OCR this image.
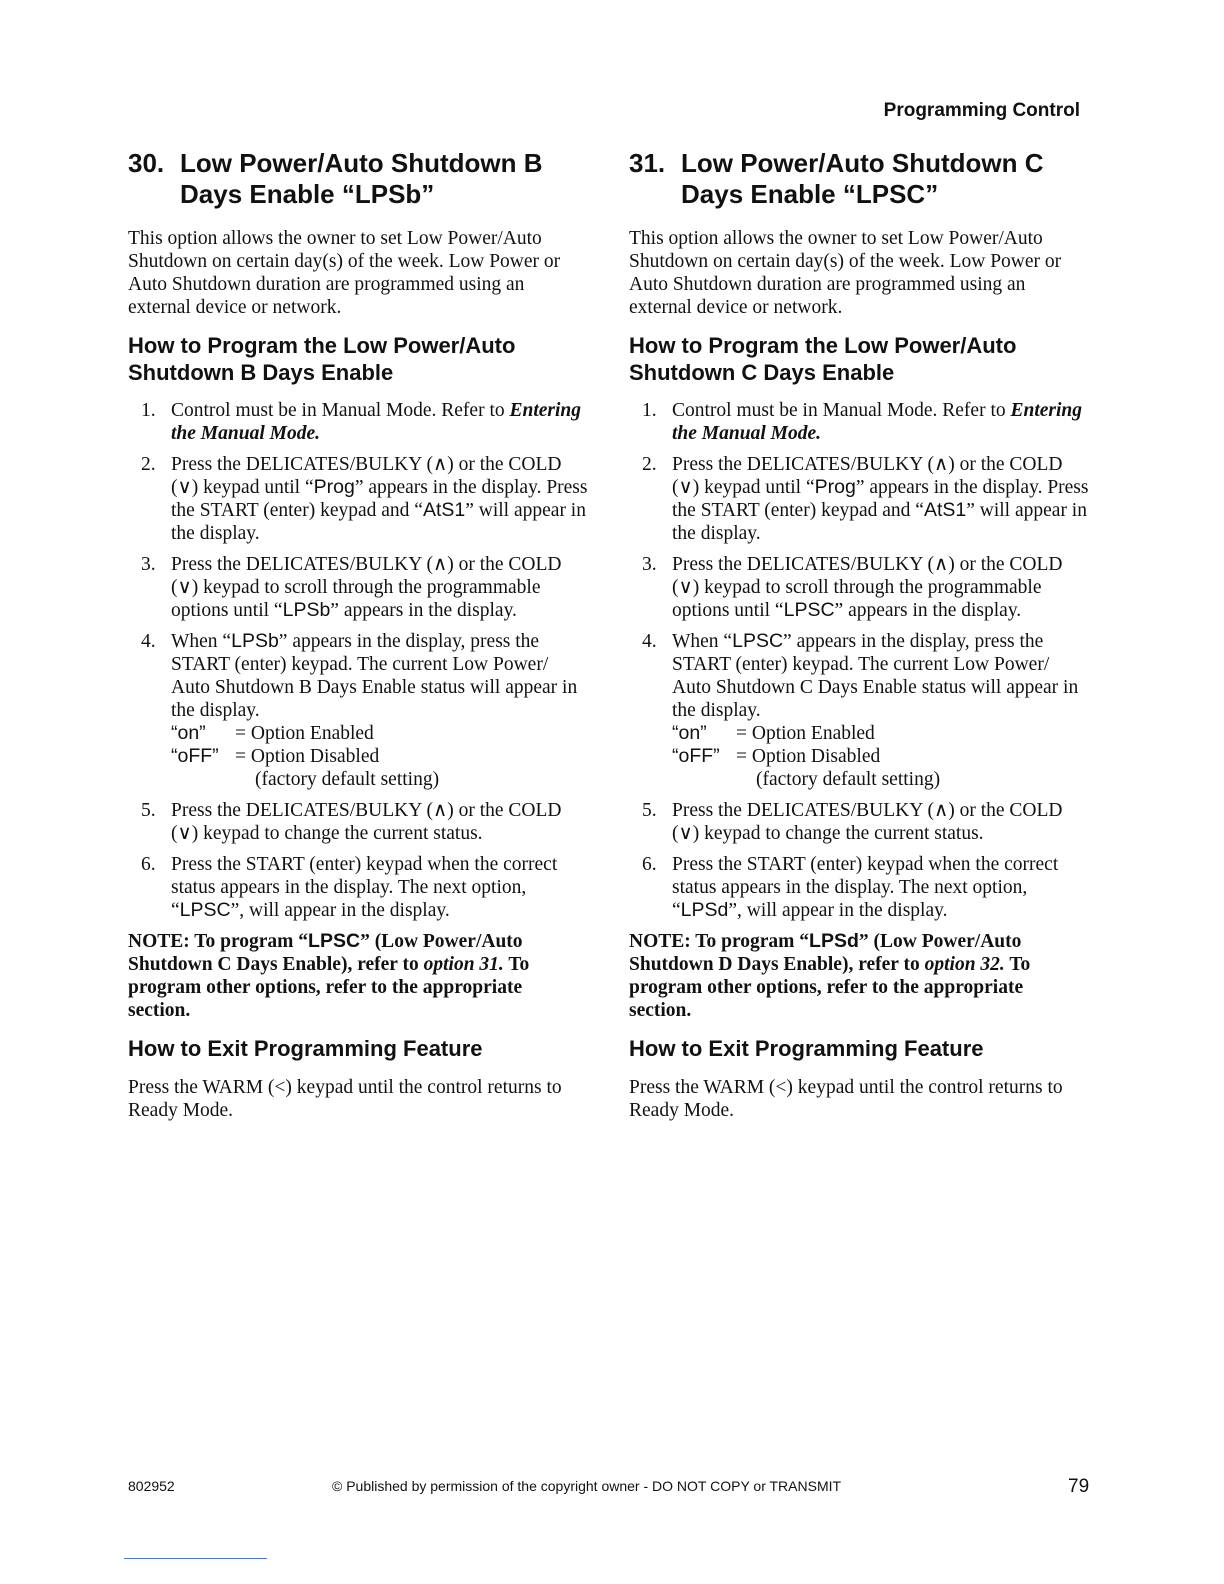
Programming Control
30. Low Power/Auto Shutdown B Days Enable “LPSb”

This option allows the owner to set Low Power/Auto Shutdown on certain day(s) of the week. Low Power or Auto Shutdown duration are programmed using an external device or network.

How to Program the Low Power/Auto Shutdown B Days Enable
1. Control must be in Manual Mode. Refer to Entering the Manual Mode.
2. Press the DELICATES/BULKY (∧) or the COLD (∨) keypad until “Prog” appears in the display. Press the START (enter) keypad and “AtS1” will appear in the display.
3. Press the DELICATES/BULKY (∧) or the COLD (∨) keypad to scroll through the programmable options until “LPSb” appears in the display.
4. When “LPSb” appears in the display, press the START (enter) keypad. The current Low Power/ Auto Shutdown B Days Enable status will appear in the display.
“on”	= Option Enabled
“oFF” = Option Disabled
(factory default setting)
5. Press the DELICATES/BULKY (∧) or the COLD (∨) keypad to change the current status.
6. Press the START (enter) keypad when the correct status appears in the display. The next option, “LPSC”, will appear in the display.

NOTE: To program “LPSC” (Low Power/Auto Shutdown C Days Enable), refer to option 31. To program other options, refer to the appropriate section.

How to Exit Programming Feature

Press the WARM (<) keypad until the control returns to Ready Mode.

31. Low Power/Auto Shutdown C Days Enable “LPSC”

This option allows the owner to set Low Power/Auto Shutdown on certain day(s) of the week. Low Power or Auto Shutdown duration are programmed using an external device or network.

How to Program the Low Power/Auto Shutdown C Days Enable
1. Control must be in Manual Mode. Refer to Entering the Manual Mode.
2. Press the DELICATES/BULKY (∧) or the COLD (∨) keypad until “Prog” appears in the display. Press the START (enter) keypad and “AtS1” will appear in the display.
3. Press the DELICATES/BULKY (∧) or the COLD (∨) keypad to scroll through the programmable options until “LPSC” appears in the display.
4. When “LPSC” appears in the display, press the START (enter) keypad. The current Low Power/ Auto Shutdown C Days Enable status will appear in the display.
“on”	= Option Enabled
“oFF” = Option Disabled
(factory default setting)
5. Press the DELICATES/BULKY (∧) or the COLD (∨) keypad to change the current status.
6. Press the START (enter) keypad when the correct status appears in the display. The next option, “LPSd”, will appear in the display.

NOTE: To program “LPSd” (Low Power/Auto Shutdown D Days Enable), refer to option 32. To program other options, refer to the appropriate section.

How to Exit Programming Feature

Press the WARM (<) keypad until the control returns to Ready Mode.

802952	© Published by permission of the copyright owner - DO NOT COPY or TRANSMIT	79
